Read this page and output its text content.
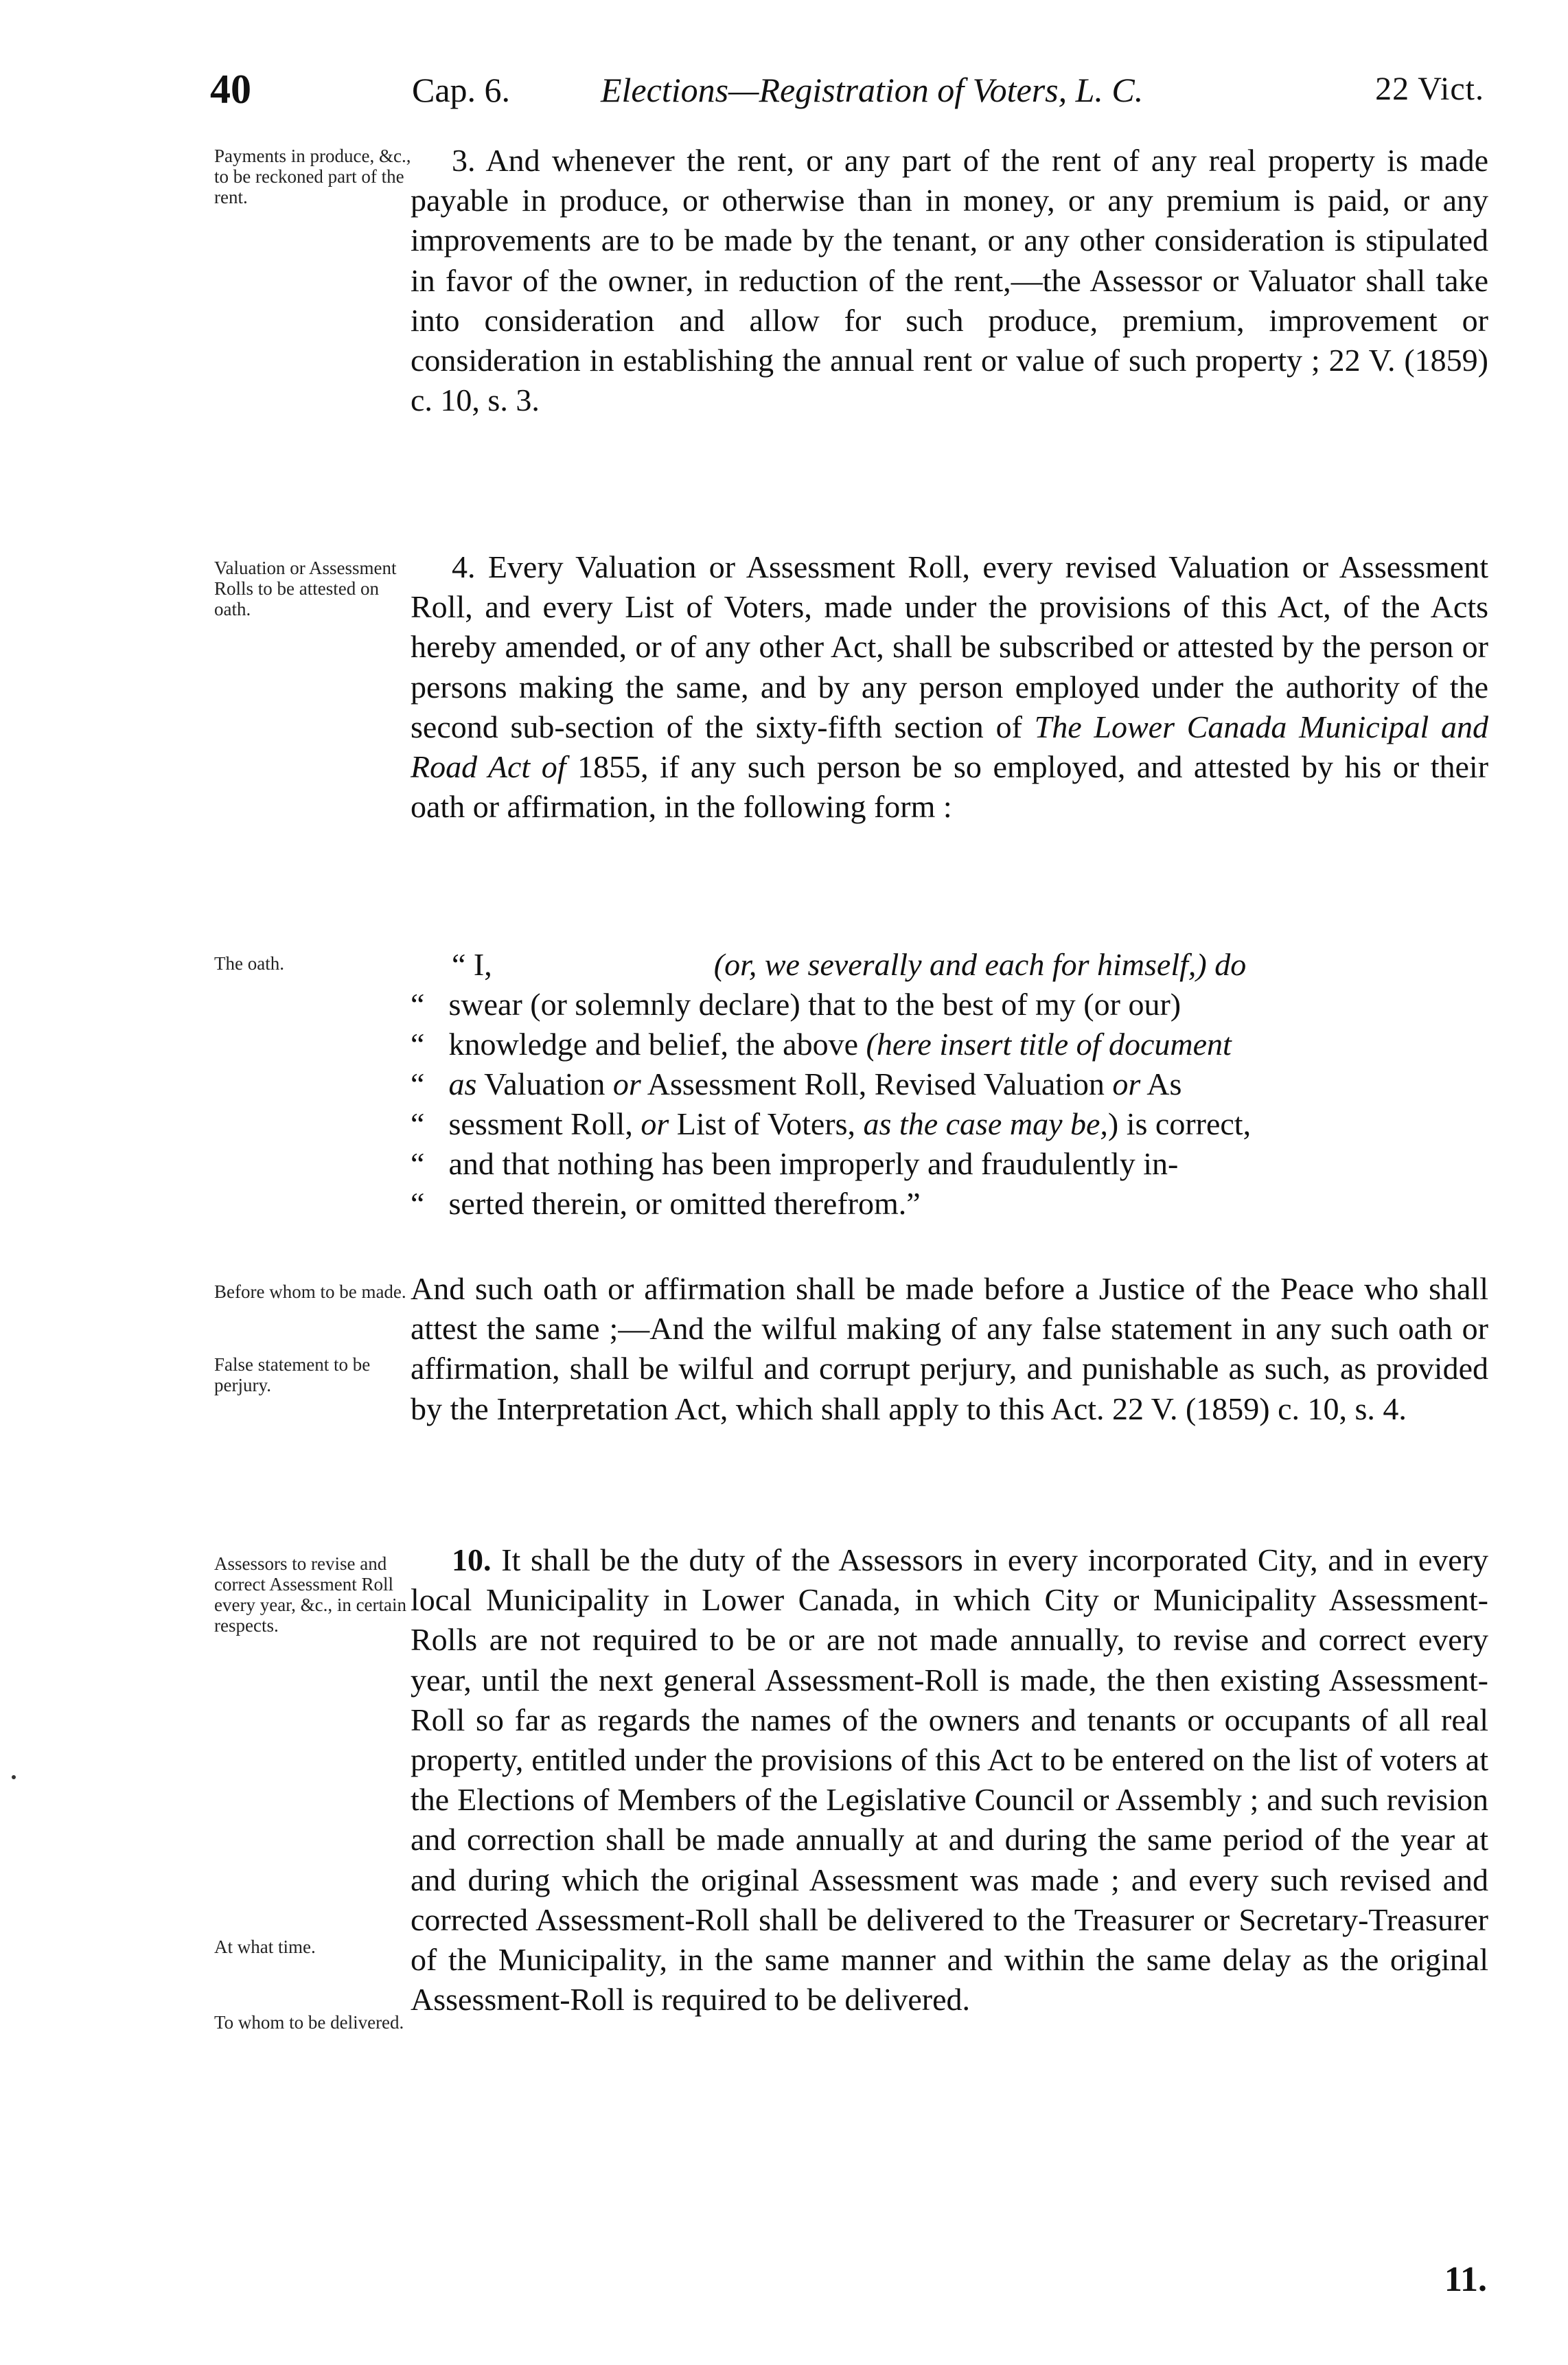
40	Cap. 6.	Elections—Registration of Voters, L. C.	22 Vict.
Payments in produce, &c., to be reckoned part of the rent.
Valuation or Assessment Rolls to be attested on oath.
The oath.
Before whom to be made.
False statement to be perjury.
Assessors to revise and correct Assessment Roll every year, &c., in certain respects.
At what time.
To whom to be delivered.

3. And whenever the rent, or any part of the rent of any real property is made payable in produce, or otherwise than in money, or any premium is paid, or any improvements are to be made by the tenant, or any other consideration is stipulated in favor of the owner, in reduction of the rent,—the Assessor or Valuator shall take into consideration and allow for such produce, premium, improvement or consideration in establishing the annual rent or value of such property ; 22 V. (1859) c. 10, s. 3.

4. Every Valuation or Assessment Roll, every revised Valuation or Assessment Roll, and every List of Voters, made under the provisions of this Act, of the Acts hereby amended, or of any other Act, shall be subscribed or attested by the person or persons making the same, and by any person employed under the authority of the second sub-section of the sixty-fifth section of The Lower Canada Municipal and Road Act of 1855, if any such person be so employed, and attested by his or their oath or affirmation, in the following form :

“ I,	(or, we severally and each for himself,) do

“ swear (or solemnly declare) that to the best of my (or our)

“ knowledge and belief, the above (here insert title of document

“ as Valuation or Assessment Roll, Revised Valuation or As

“ sessment Roll, or List of Voters, as the case may be,) is correct,

“ and that nothing has been improperly and fraudulently in-

“ serted therein, or omitted therefrom.”

And such oath or affirmation shall be made before a Justice of the Peace who shall attest the same ;—And the wilful making of any false statement in any such oath or affirmation, shall be wilful and corrupt perjury, and punishable as such, as provided by the Interpretation Act, which shall apply to this Act. 22 V. (1859) c. 10, s. 4.

10. It shall be the duty of the Assessors in every incorporated City, and in every local Municipality in Lower Canada, in which City or Municipality Assessment-Rolls are not required to be or are not made annually, to revise and correct every year, until the next general Assessment-Roll is made, the then existing Assessment-Roll so far as regards the names of the owners and tenants or occupants of all real property, entitled under the provisions of this Act to be entered on the list of voters at the Elections of Members of the Legislative Council or Assembly ; and such revision and correction shall be made annually at and during the same period of the year at and during which the original Assessment was made ; and every such revised and corrected Assessment-Roll shall be delivered to the Treasurer or Secretary-Treasurer of the Municipality, in the same manner and within the same delay as the original Assessment-Roll is required to be delivered.

11.
